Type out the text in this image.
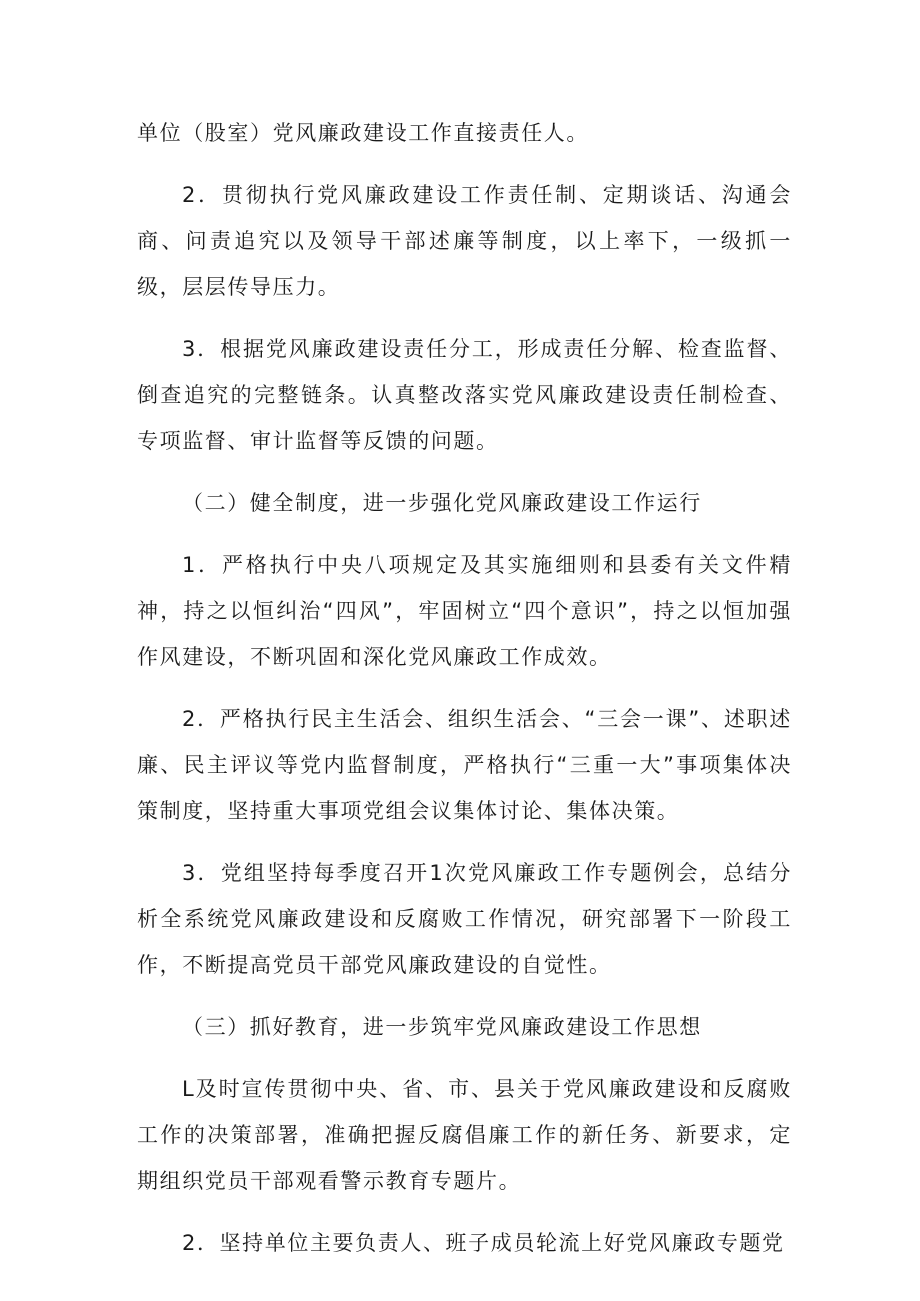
单位（股室）党风廉政建设工作直接责任人。

2．贯彻执行党风廉政建设工作责任制、定期谈话、沟通会商、问责追究以及领导干部述廉等制度，以上率下，一级抓一级，层层传导压力。

3．根据党风廉政建设责任分工，形成责任分解、检查监督、倒查追究的完整链条。认真整改落实党风廉政建设责任制检查、专项监督、审计监督等反馈的问题。

（二）健全制度，进一步强化党风廉政建设工作运行

1．严格执行中央八项规定及其实施细则和县委有关文件精神，持之以恒纠治“四风”，牢固树立“四个意识”，持之以恒加强作风建设，不断巩固和深化党风廉政工作成效。

2．严格执行民主生活会、组织生活会、“三会一课”、述职述廉、民主评议等党内监督制度，严格执行“三重一大”事项集体决策制度，坚持重大事项党组会议集体讨论、集体决策。

3．党组坚持每季度召开1次党风廉政工作专题例会，总结分析全系统党风廉政建设和反腐败工作情况，研究部署下一阶段工作，不断提高党员干部党风廉政建设的自觉性。

（三）抓好教育，进一步筑牢党风廉政建设工作思想

L及时宣传贯彻中央、省、市、县关于党风廉政建设和反腐败工作的决策部署，准确把握反腐倡廉工作的新任务、新要求，定期组织党员干部观看警示教育专题片。

2．坚持单位主要负责人、班子成员轮流上好党风廉政专题党
